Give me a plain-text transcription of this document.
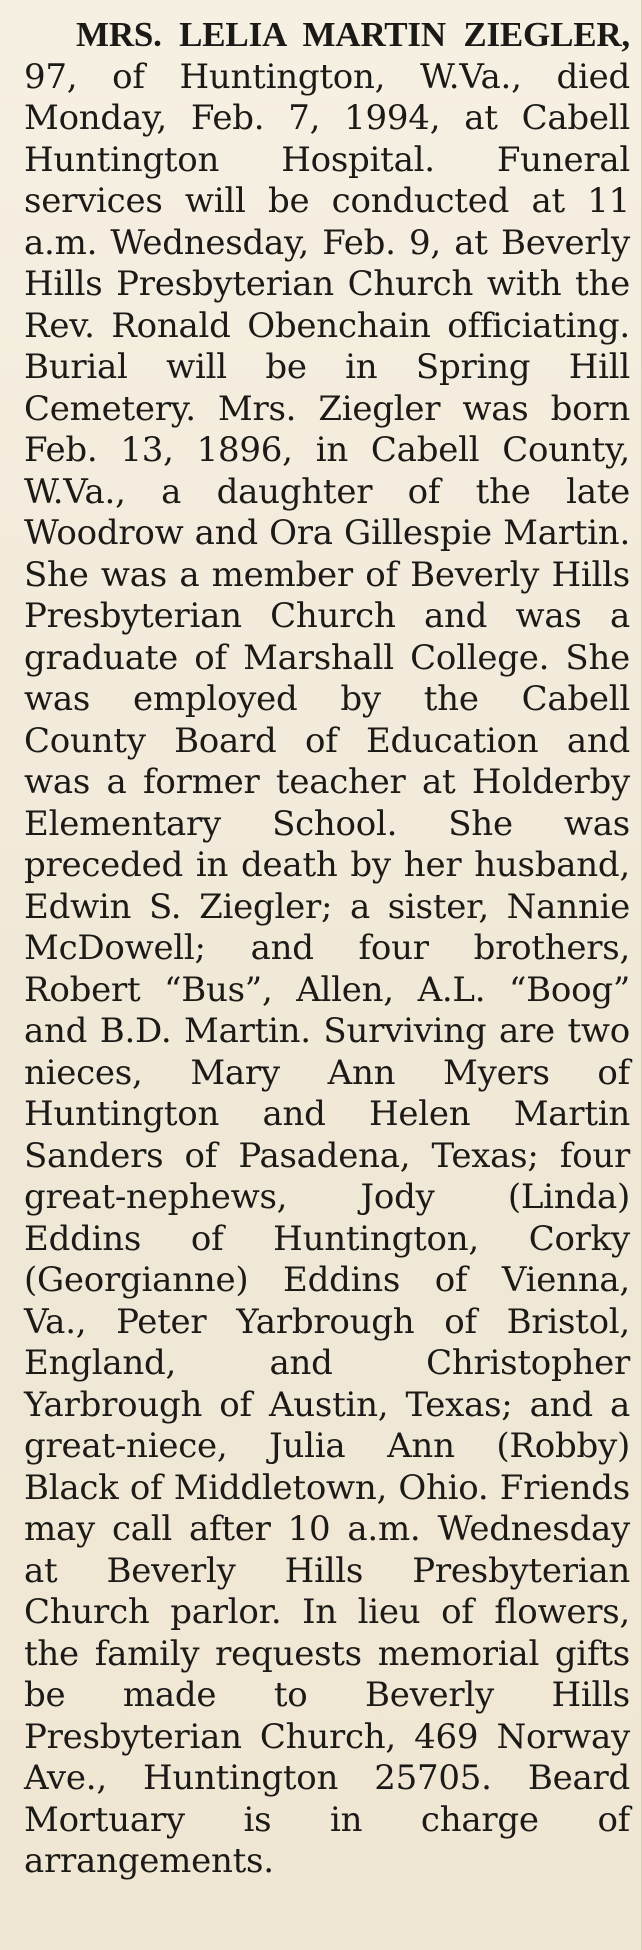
MRS. LELIA MARTIN ZIEGLER, 97, of Huntington, W.Va., died Monday, Feb. 7, 1994, at Cabell Huntington Hospital. Funeral services will be conducted at 11 a.m. Wednesday, Feb. 9, at Beverly Hills Presbyterian Church with the Rev. Ronald Obenchain officiating. Burial will be in Spring Hill Cemetery. Mrs. Ziegler was born Feb. 13, 1896, in Cabell County, W.Va., a daughter of the late Woodrow and Ora Gillespie Martin. She was a member of Beverly Hills Presbyterian Church and was a graduate of Marshall College. She was employed by the Cabell County Board of Education and was a former teacher at Holderby Elementary School. She was preceded in death by her husband, Edwin S. Ziegler; a sister, Nannie McDowell; and four brothers, Robert “Bus”, Allen, A.L. “Boog” and B.D. Martin. Surviving are two nieces, Mary Ann Myers of Huntington and Helen Martin Sanders of Pasadena, Texas; four great-nephews, Jody (Linda) Eddins of Huntington, Corky (Georgianne) Eddins of Vienna, Va., Peter Yarbrough of Bristol, England, and Christopher Yarbrough of Austin, Texas; and a great-niece, Julia Ann (Robby) Black of Middletown, Ohio. Friends may call after 10 a.m. Wednesday at Beverly Hills Presbyterian Church parlor. In lieu of flowers, the family requests memorial gifts be made to Beverly Hills Presbyterian Church, 469 Norway Ave., Huntington 25705. Beard Mortuary is in charge of arrangements.
